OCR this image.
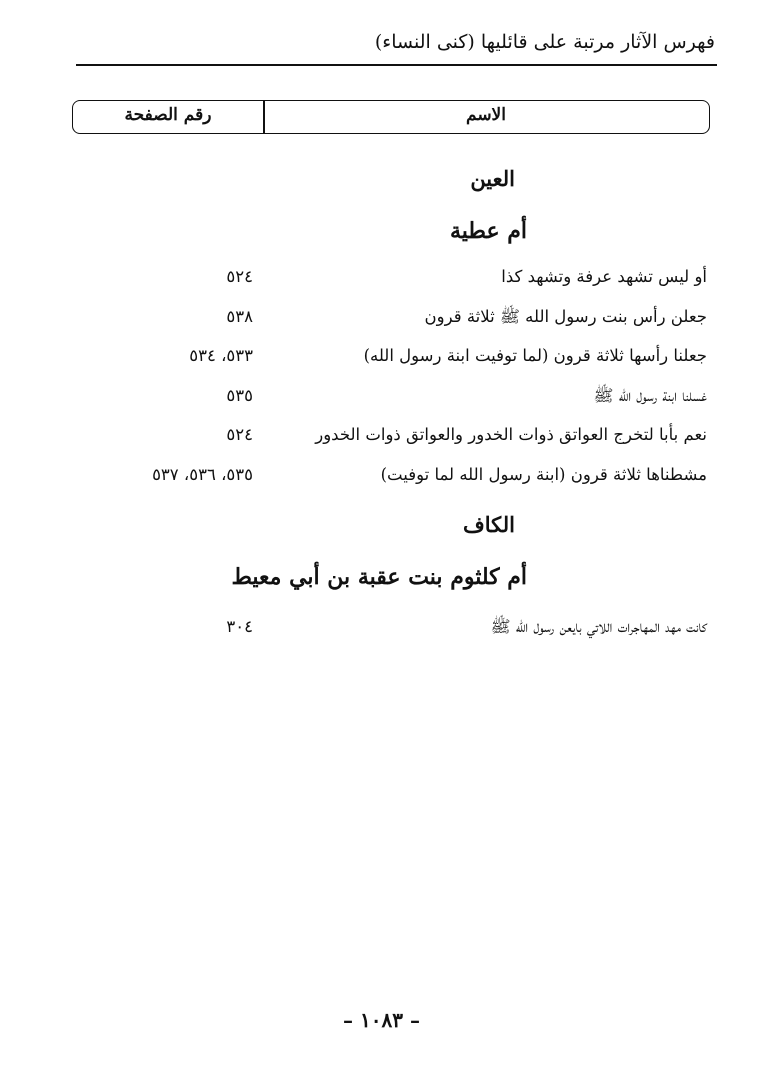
فهرس الآثار مرتبة على قائليها (كنى النساء)
الاسم
رقم الصفحة
العين
أم عطية
أو ليس تشهد عرفة وتشهد كذا
٥٢٤
جعلن رأس بنت رسول الله ﷺ ثلاثة قرون
٥٣٨
جعلنا رأسها ثلاثة قرون (لما توفيت ابنة رسول الله)
٥٣٣، ٥٣٤
غسلنا ابنة رسول الله ﷺ
٥٣٥
نعم بأبا لتخرج العواتق ذوات الخدور والعواتق ذوات الخدور
٥٢٤
مشطناها ثلاثة قرون (ابنة رسول الله لما توفيت)
٥٣٥، ٥٣٦، ٥٣٧
الكاف
أم كلثوم بنت عقبة بن أبي معيط
كانت مهد المهاجرات اللاتي بايعن رسول الله ﷺ
٣٠٤
– ١٠٨٣ –
